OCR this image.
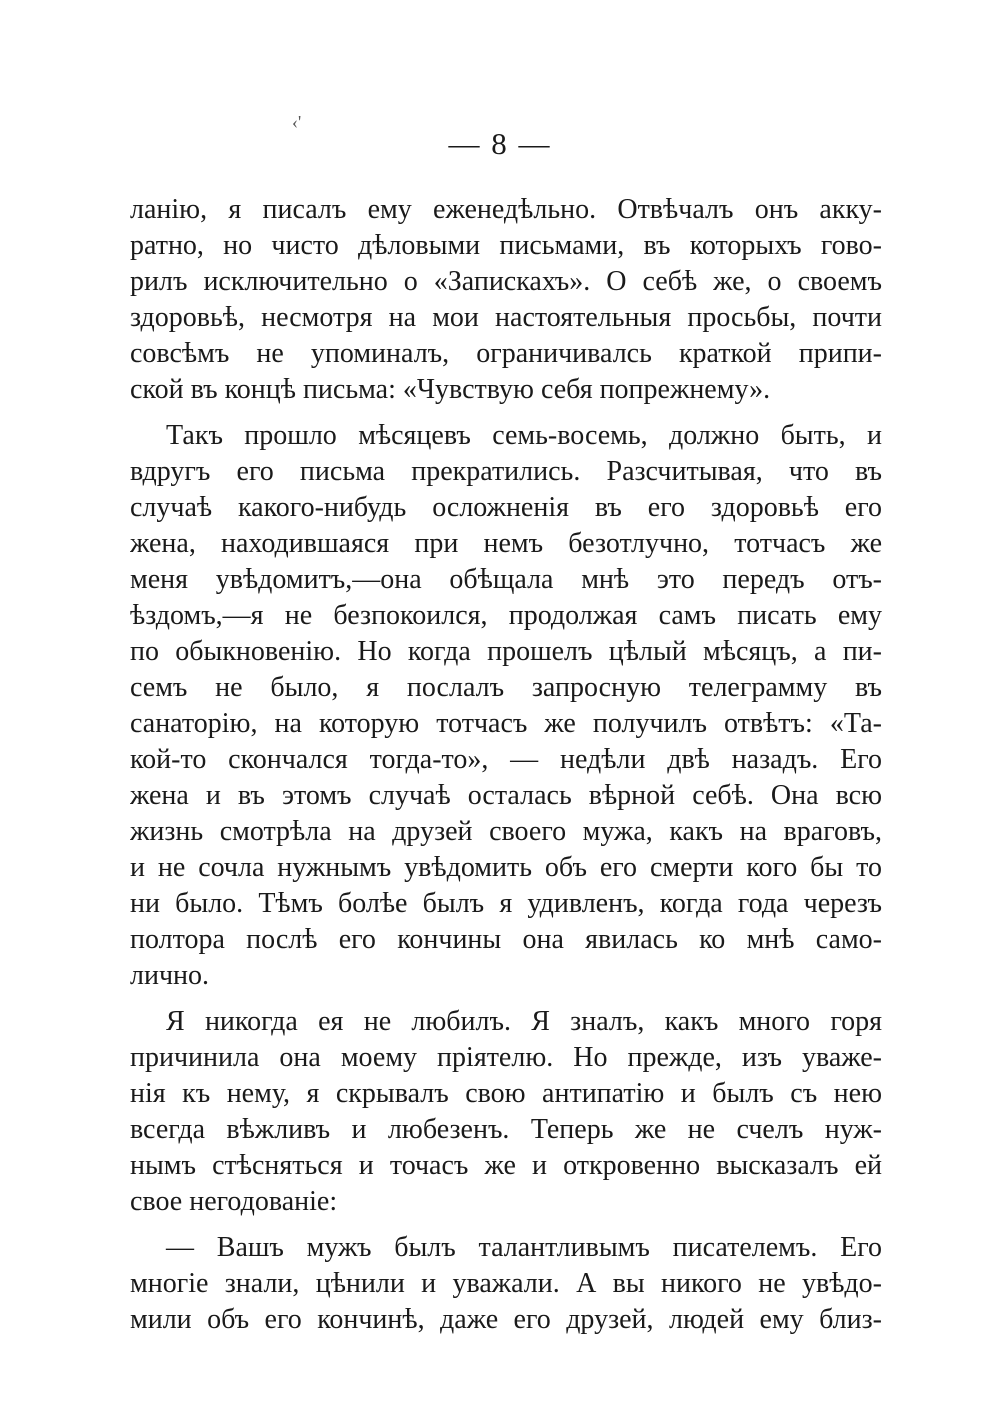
‹'
— 8 —
ланію, я писалъ ему еженедѣльно. Отвѣчалъ онъ акку-
ратно, но чисто дѣловыми письмами, въ которыхъ гово-
рилъ исключительно о «Запискахъ». О себѣ же, о своемъ
здоровьѣ, несмотря на мои настоятельныя просьбы, почти
совсѣмъ не упоминалъ, ограничивалсь краткой припи-
ской въ концѣ письма: «Чувствую себя попрежнему».
Такъ прошло мѣсяцевъ семь-восемь, должно быть, и
вдругъ его письма прекратились. Разсчитывая, что въ
случаѣ какого-нибудь осложненія въ его здоровьѣ его
жена, находившаяся при немъ безотлучно, тотчасъ же
меня увѣдомитъ,—она обѣщала мнѣ это передъ отъ-
ѣздомъ,—я не безпокоился, продолжая самъ писать ему
по обыкновенію. Но когда прошелъ цѣлый мѣсяцъ, а пи-
семъ не было, я послалъ запросную телеграмму въ
санаторію, на которую тотчасъ же получилъ отвѣтъ: «Та-
кой-то скончался тогда-то», — недѣли двѣ назадъ. Его
жена и въ этомъ случаѣ осталась вѣрной себѣ. Она всю
жизнь смотрѣла на друзей своего мужа, какъ на враговъ,
и не сочла нужнымъ увѣдомить объ его смерти кого бы то
ни было. Тѣмъ болѣе былъ я удивленъ, когда года черезъ
полтора послѣ его кончины она явилась ко мнѣ само-
лично.
Я никогда ея не любилъ. Я зналъ, какъ много горя
причинила она моему пріятелю. Но прежде, изъ уваже-
нія къ нему, я скрывалъ свою антипатію и былъ съ нею
всегда вѣжливъ и любезенъ. Теперь же не счелъ нуж-
нымъ стѣсняться и точасъ же и откровенно высказалъ ей
свое негодованіе:
— Вашъ мужъ былъ талантливымъ писателемъ. Его
многіе знали, цѣнили и уважали. А вы никого не увѣдо-
мили объ его кончинѣ, даже его друзей, людей ему близ-
